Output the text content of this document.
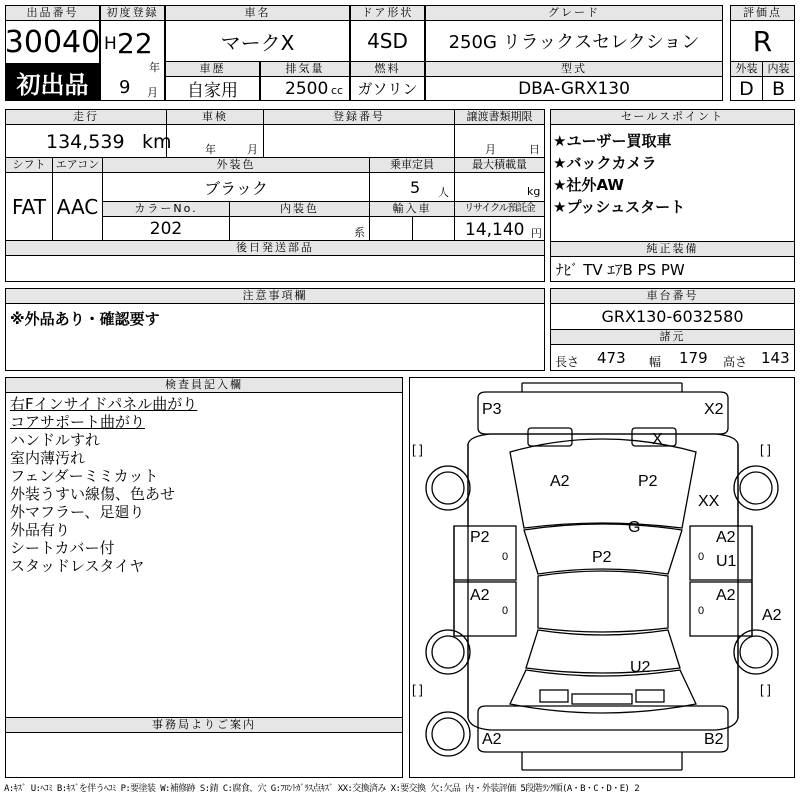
出品番号
30040
初出品
初度登録
H 22
年
9 月
車名
マークX
ドア形状
4SD
グレード
250G リラックスセレクション
評価点
R
車歴
自家用
排気量
2500 cc
燃料
ガソリン
型式
DBA-GRX130
外装 内装
D B
走行
134,539 km
車検
年	月
登録番号	譲渡書類期限
月	日
シフト
FAT
エアコン
AAC
外装色
ブラック
乗車定員
5 人
最大積載量
kg
カラーNo.
202
内装色
系
輸入車	リサイクル預託金
14,140 円
後日発送部品
セールスポイント
★ユーザー買取車
★バックカメラ
★社外AW
★プッシュスタート
純正装備
ﾅﾋﾞ TV ｴｱB PS PW
注意事項欄
※外品あり・確認要す
車台番号
GRX130-6032580
諸元
長さ 473 幅 179 高さ 143
検査員記入欄
右Fインサイドパネル曲がり
コアサポート曲がり
ハンドルすれ
室内薄汚れ
フェンダーミミカット
外装うすい線傷、色あせ
外マフラー、足廻り
外品有り
シートカバー付
スタッドレスタイヤ
事務局よりご案内
[ ]	[ ]
[ ]	[ ]
0
0
0
0
P3	X2
X
A2	P2
XX
G
P2	A2
U1
P2
A2	A2
A2
U2
A2	B2
A:ｷｽﾞ U:ﾍｺﾐ B:ｷｽﾞを伴うﾍｺﾐ P:要塗装 W:補修跡 S:錆 C:腐食、穴 G:ﾌﾛﾝﾄｶﾞﾗｽ点ｷｽﾞ XX:交換済み X:要交換 欠:欠品 内・外装評価 5段階ﾗﾝｸ順(A・B・C・D・E) 2
